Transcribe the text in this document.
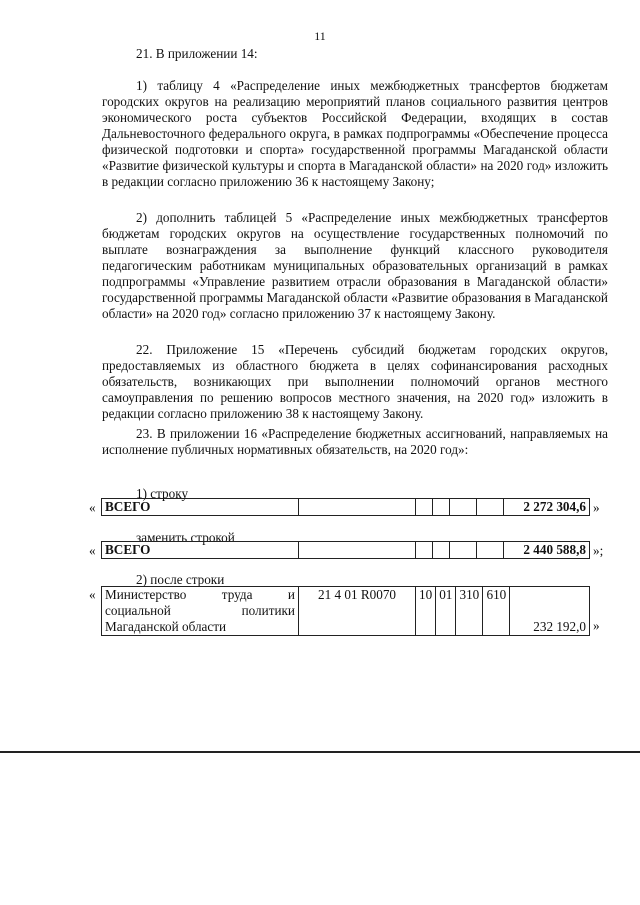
11

21. В приложении 14:

1) таблицу 4 «Распределение иных межбюджетных трансфертов бюджетам городских округов на реализацию мероприятий планов социального развития центров экономического роста субъектов Российской Федерации, входящих в состав Дальневосточного федерального округа, в рамках подпрограммы «Обеспечение процесса физической подготовки и спорта» государственной программы Магаданской области «Развитие физической культуры и спорта в Магаданской области» на 2020 год» изложить в редакции согласно приложению 36 к настоящему Закону;

2) дополнить таблицей 5 «Распределение иных межбюджетных трансфертов бюджетам городских округов на осуществление государственных полномочий по выплате вознаграждения за выполнение функций классного руководителя педагогическим работникам муниципальных образовательных организаций в рамках подпрограммы «Управление развитием отрасли образования в Магаданской области» государственной программы Магаданской области «Развитие образования в Магаданской области» на 2020 год» согласно приложению 37 к настоящему Закону.

22. Приложение 15 «Перечень субсидий бюджетам городских округов, предоставляемых из областного бюджета в целях софинансирования расходных обязательств, возникающих при выполнении полномочий органов местного самоуправления по решению вопросов местного значения, на 2020 год» изложить в редакции согласно приложению 38 к настоящему Закону.

23. В приложении 16 «Распределение бюджетных ассигнований, направляемых на исполнение публичных нормативных обязательств, на 2020 год»:

1) строку
« ВСЕГО						2 272 304,6 »
заменить строкой
« ВСЕГО						2 440 588,8 »;
2) после строки
« Министерство труда и социальной политики Магаданской области	21 4 01 R0070	10	01	310	610	232 192,0 »
